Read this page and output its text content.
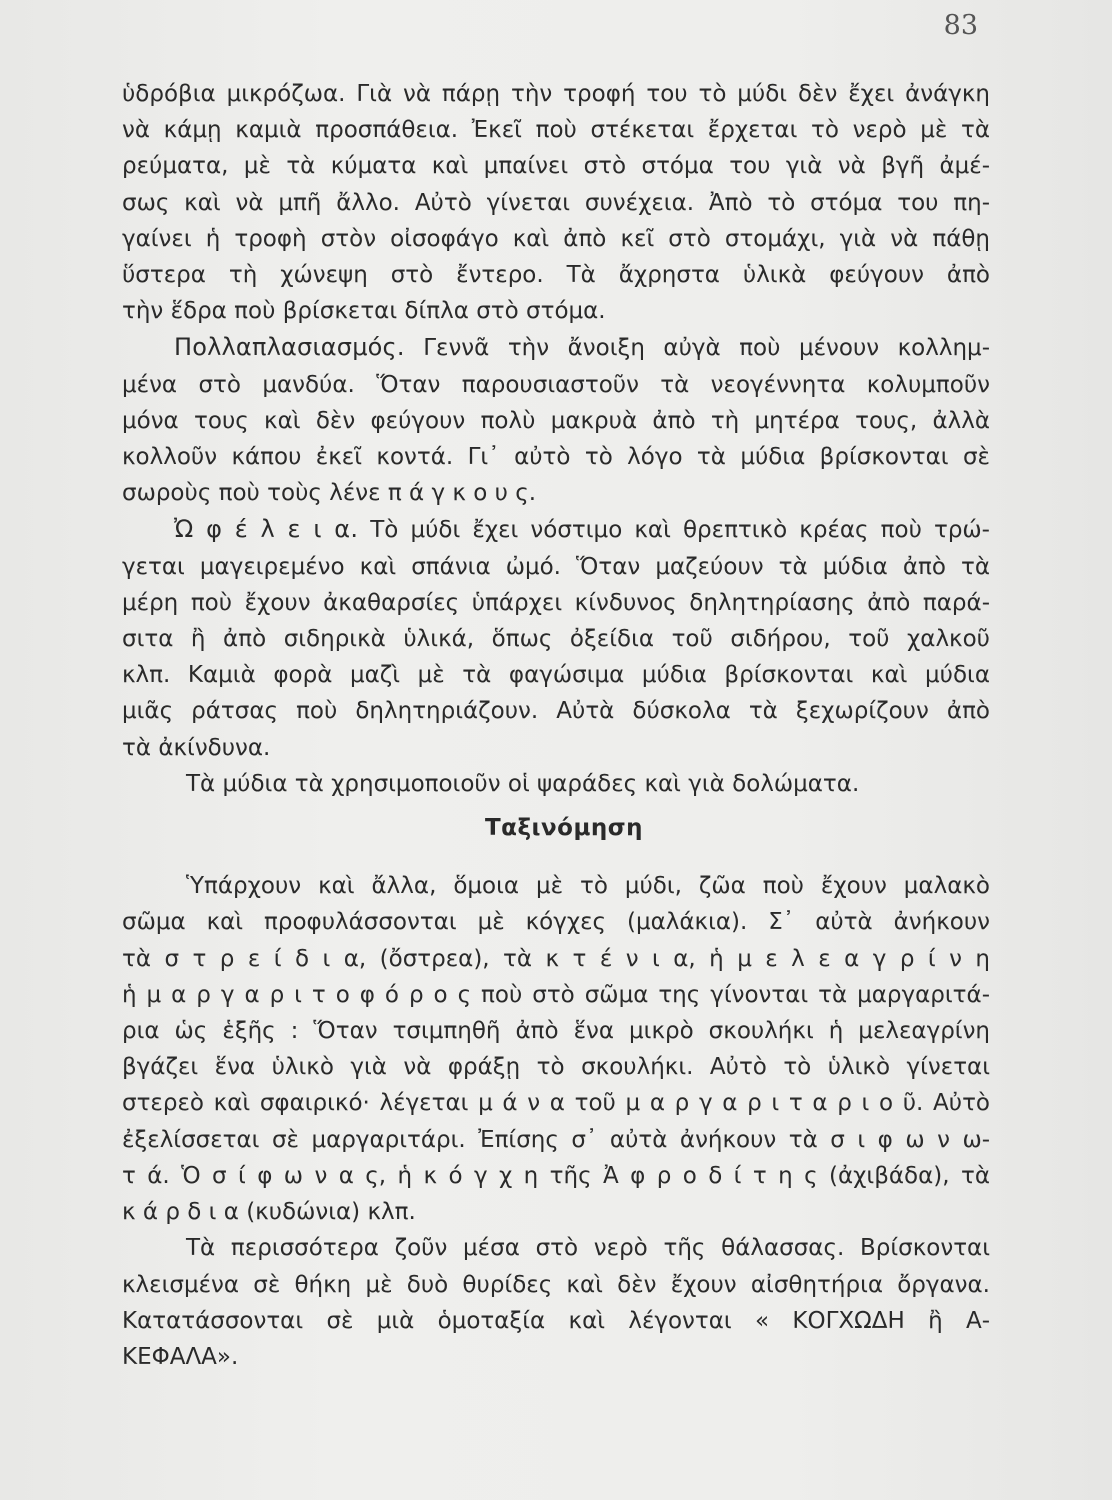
83

ὑδρόβια μικρόζωα. Γιὰ νὰ πάρῃ τὴν τροφή του τὸ μύδι δὲν ἔχει ἀνάγκη
νὰ κάμῃ καμιὰ προσπάθεια. Ἐκεῖ ποὺ στέκεται ἔρχεται τὸ νερὸ μὲ τὰ
ρεύματα, μὲ τὰ κύματα καὶ μπαίνει στὸ στόμα του γιὰ νὰ βγῆ ἀμέ-
σως καὶ νὰ μπῆ ἄλλο. Αὐτὸ γίνεται συνέχεια. Ἀπὸ τὸ στόμα του πη-
γαίνει ἡ τροφὴ στὸν οἰσοφάγο καὶ ἀπὸ κεῖ στὸ στομάχι, γιὰ νὰ πάθῃ
ὕστερα τὴ χώνεψη στὸ ἔντερο. Τὰ ἄχρηστα ὑλικὰ φεύγουν ἀπὸ
τὴν ἕδρα ποὺ βρίσκεται δίπλα στὸ στόμα.
Πολλαπλασιασμός. Γεννᾶ τὴν ἄνοιξη αὐγὰ ποὺ μένουν κολλημ-
μένα στὸ μανδύα. Ὅταν παρουσιαστοῦν τὰ νεογέννητα κολυμποῦν
μόνα τους καὶ δὲν φεύγουν πολὺ μακρυὰ ἀπὸ τὴ μητέρα τους, ἀλλὰ
κολλοῦν κάπου ἐκεῖ κοντά. Γι᾽ αὐτὸ τὸ λόγο τὰ μύδια βρίσκονται σὲ
σωροὺς ποὺ τοὺς λένε π ά γ κ ο υ ς.
Ὠ φ έ λ ε ι α. Τὸ μύδι ἔχει νόστιμο καὶ θρεπτικὸ κρέας ποὺ τρώ-
γεται μαγειρεμένο καὶ σπάνια ὠμό. Ὅταν μαζεύουν τὰ μύδια ἀπὸ τὰ
μέρη ποὺ ἔχουν ἀκαθαρσίες ὑπάρχει κίνδυνος δηλητηρίασης ἀπὸ παρά-
σιτα ἢ ἀπὸ σιδηρικὰ ὑλικά, ὅπως ὀξείδια τοῦ σιδήρου, τοῦ χαλκοῦ
κλπ. Καμιὰ φορὰ μαζὶ μὲ τὰ φαγώσιμα μύδια βρίσκονται καὶ μύδια
μιᾶς ράτσας ποὺ δηλητηριάζουν. Αὐτὰ δύσκολα τὰ ξεχωρίζουν ἀπὸ
τὰ ἀκίνδυνα.
Τὰ μύδια τὰ χρησιμοποιοῦν οἱ ψαράδες καὶ γιὰ δολώματα.
Ταξινόμηση
Ὑπάρχουν καὶ ἄλλα, ὅμοια μὲ τὸ μύδι, ζῶα ποὺ ἔχουν μαλακὸ
σῶμα καὶ προφυλάσσονται μὲ κόγχες (μαλάκια). Σ᾽ αὐτὰ ἀνήκουν
τὰ σ τ ρ ε ί δ ι α, (ὄστρεα), τὰ κ τ έ ν ι α, ἡ μ ε λ ε α γ ρ ί ν η
ἡ μ α ρ γ α ρ ι τ ο φ ό ρ ο ς ποὺ στὸ σῶμα της γίνονται τὰ μαργαριτά-
ρια ὡς ἑξῆς : Ὅταν τσιμπηθῆ ἀπὸ ἕνα μικρὸ σκουλήκι ἡ μελεαγρίνη
βγάζει ἕνα ὑλικὸ γιὰ νὰ φράξῃ τὸ σκουλήκι. Αὐτὸ τὸ ὑλικὸ γίνεται
στερεὸ καὶ σφαιρικό· λέγεται μ ά ν α τοῦ μ α ρ γ α ρ ι τ α ρ ι ο ῦ. Αὐτὸ
ἐξελίσσεται σὲ μαργαριτάρι. Ἐπίσης σ᾽ αὐτὰ ἀνήκουν τὰ σ ι φ ω ν ω-
τ ά. Ὁ σ ί φ ω ν α ς, ἡ κ ό γ χ η τῆς Ἀ φ ρ ο δ ί τ η ς (ἀχιβάδα), τὰ
κ ά ρ δ ι α (κυδώνια) κλπ.
Τὰ περισσότερα ζοῦν μέσα στὸ νερὸ τῆς θάλασσας. Βρίσκονται
κλεισμένα σὲ θήκη μὲ δυὸ θυρίδες καὶ δὲν ἔχουν αἰσθητήρια ὄργανα.
Κατατάσσονται σὲ μιὰ ὁμοταξία καὶ λέγονται « ΚΟΓΧΩΔΗ ἢ Α-
ΚΕΦΑΛΑ».
